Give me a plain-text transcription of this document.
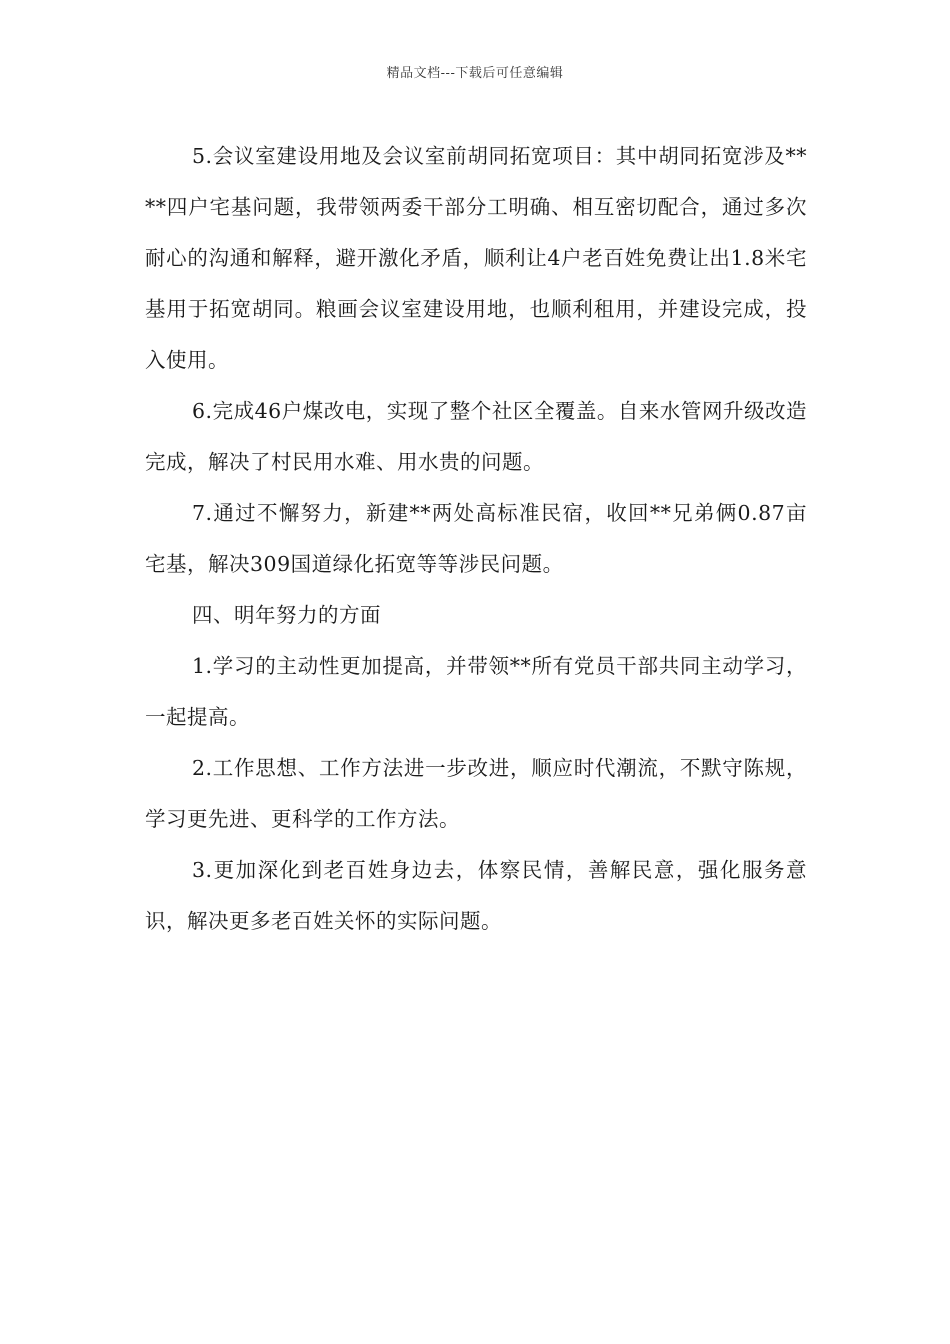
精品文档---下载后可任意编辑

5.会议室建设用地及会议室前胡同拓宽项目：其中胡同拓宽涉及****四户宅基问题，我带领两委干部分工明确、相互密切配合，通过多次耐心的沟通和解释，避开激化矛盾，顺利让4户老百姓免费让出1.8米宅基用于拓宽胡同。粮画会议室建设用地，也顺利租用，并建设完成，投入使用。

6.完成46户煤改电，实现了整个社区全覆盖。自来水管网升级改造完成，解决了村民用水难、用水贵的问题。

7.通过不懈努力，新建**两处高标准民宿，收回**兄弟俩0.87亩宅基，解决309国道绿化拓宽等等涉民问题。

四、明年努力的方面

1.学习的主动性更加提高，并带领**所有党员干部共同主动学习，一起提高。

2.工作思想、工作方法进一步改进，顺应时代潮流，不默守陈规，学习更先进、更科学的工作方法。

3.更加深化到老百姓身边去，体察民情，善解民意，强化服务意识，解决更多老百姓关怀的实际问题。
